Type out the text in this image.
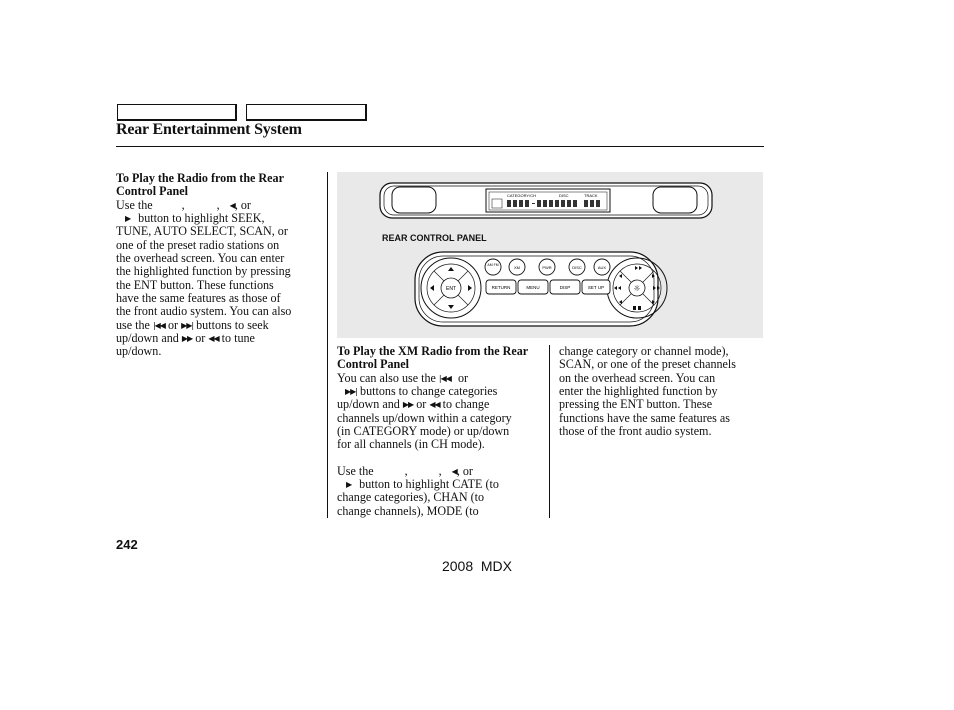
Rear Entertainment System

To Play the Radio from the Rear Control Panel

Use the ,	, ◀, or

▶ button to highlight SEEK,

TUNE, AUTO SELECT, SCAN, or

one of the preset radio stations on

the overhead screen. You can enter

the highlighted function by pressing

the ENT button. These functions

have the same features as those of

the front audio system. You can also

use the |◀◀ or ▶▶| buttons to seek

up/down and ▶▶ or ◀◀ to tune

up/down.

CATEGORY/CH	DISC	TRACK
ENT	☼
AM FM	XM	PWR	DISC	AUX
RETURN	MENU	DISP	SET UP
REAR CONTROL PANEL

To Play the XM Radio from the Rear Control Panel

You can also use the |◀◀ or

▶▶| buttons to change categories

up/down and ▶▶ or ◀◀ to change

channels up/down within a category

(in CATEGORY mode) or up/down

for all channels (in CH mode).

Use the	,	, ◀, or

▶ button to highlight CATE (to

change categories), CHAN (to

change channels), MODE (to

change category or channel mode),

SCAN, or one of the preset channels

on the overhead screen. You can

enter the highlighted function by

pressing the ENT button. These

functions have the same features as

those of the front audio system.

242
2008  MDX
